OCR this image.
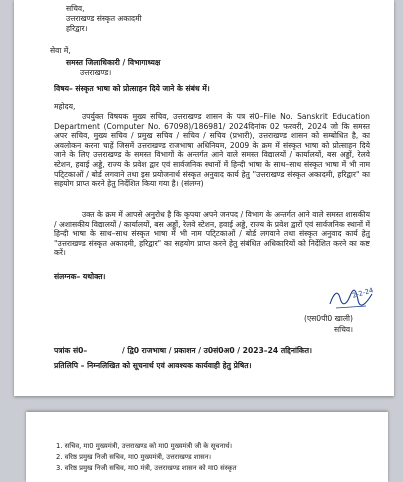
सचिव,
उत्तराखण्ड संस्कृत अकादमी
हरिद्वार।
सेवा में,
समस्त जिलाधिकारी / विभागाध्यक्ष
उत्तराखण्ड।
विषय– संस्कृत भाषा को प्रोत्साहन दिये जाने के संबंध में।
महोदय,
उपर्युक्त विषयक मुख्य सचिव, उत्तराखण्ड शासन के पत्र सं0–File No. Sanskrit Education Department (Computer No. 67098)/186981/ 2024दिनांक 02 फरवरी, 2024 जो कि समस्त अपर सचिव, मुख्य सचिव / प्रमुख सचिव / सचिव / सचिव (प्रभारी), उत्तराखण्ड शासन को सम्बोधित है, का अवलोकन करना चाहें जिसमें उत्तराखण्ड राजभाषा अधिनियम, 2009 के क्रम में संस्कृत भाषा को प्रोत्साहन दिये जाने के लिए उत्तराखण्ड के समस्त विभागों के अन्तर्गत आने वाले समस्त विद्यालयों / कार्यालयों, बस अड्डों, रेलवे स्टेशन, हवाई अड्डे, राज्य के प्रवेश द्वार एवं सार्वजनिक स्थानों में हिन्दी भाषा के साथ–साथ संस्कृत भाषा में भी नाम पटि्टकाओं / बोर्ड लगवाने तथा इस प्रयोजनार्थ संस्कृत अनुवाद कार्य हेतु "उत्तराखण्ड संस्कृत अकादमी, हरिद्वार" का सहयोग प्राप्त करने हेतु निर्देशित किया गया है। (संलग्न)
उक्त के क्रम में आपसे अनुरोध है कि कृपया अपने जनपद / विभाग के अन्तर्गत आने वाले समस्त शासकीय / अशासकीय विद्यालयों / कार्यालयों, बस अड्डों, रेलवे स्टेशन, हवाई अड्डे, राज्य के प्रवेश द्वारों एवं सार्वजनिक स्थानों में हिन्दी भाषा के साथ–साथ संस्कृत भाषा में भी नाम पटि्टकाओं / बोर्ड लगवाने तथा संस्कृत अनुवाद कार्य हेतु "उत्तराखण्ड संस्कृत अकादमी, हरिद्वार" का सहयोग प्राप्त करने हेतु संबंधित अधिकारियों को निर्देशित करने का कष्ट करें।
संलग्नक– यथोक्त।
2-2-24
(एस0पी0 खाली)
सचिव।
पत्रांक सं0–	/ द्वि0 राजभाषा / प्रकाशन / उ0सं0अ0 / 2023–24 तद्दिनांकित।
प्रतिलिपि – निम्नलिखित को सूचनार्थ एवं आवश्यक कार्यवाही हेतु प्रेषित।
1. सचिव, मा0 मुख्यमंत्री, उत्तराखण्ड को मा0 मुख्यमंत्री जी के सूचनार्थ।
2. वरिष्ठ प्रमुख निजी सचिव, मा0 मुख्यमंत्री, उत्तराखण्ड शासन।
3. वरिष्ठ प्रमुख निजी सचिव, मा0 मंत्री, उत्तराखण्ड शासन को मा0 संस्कृत
